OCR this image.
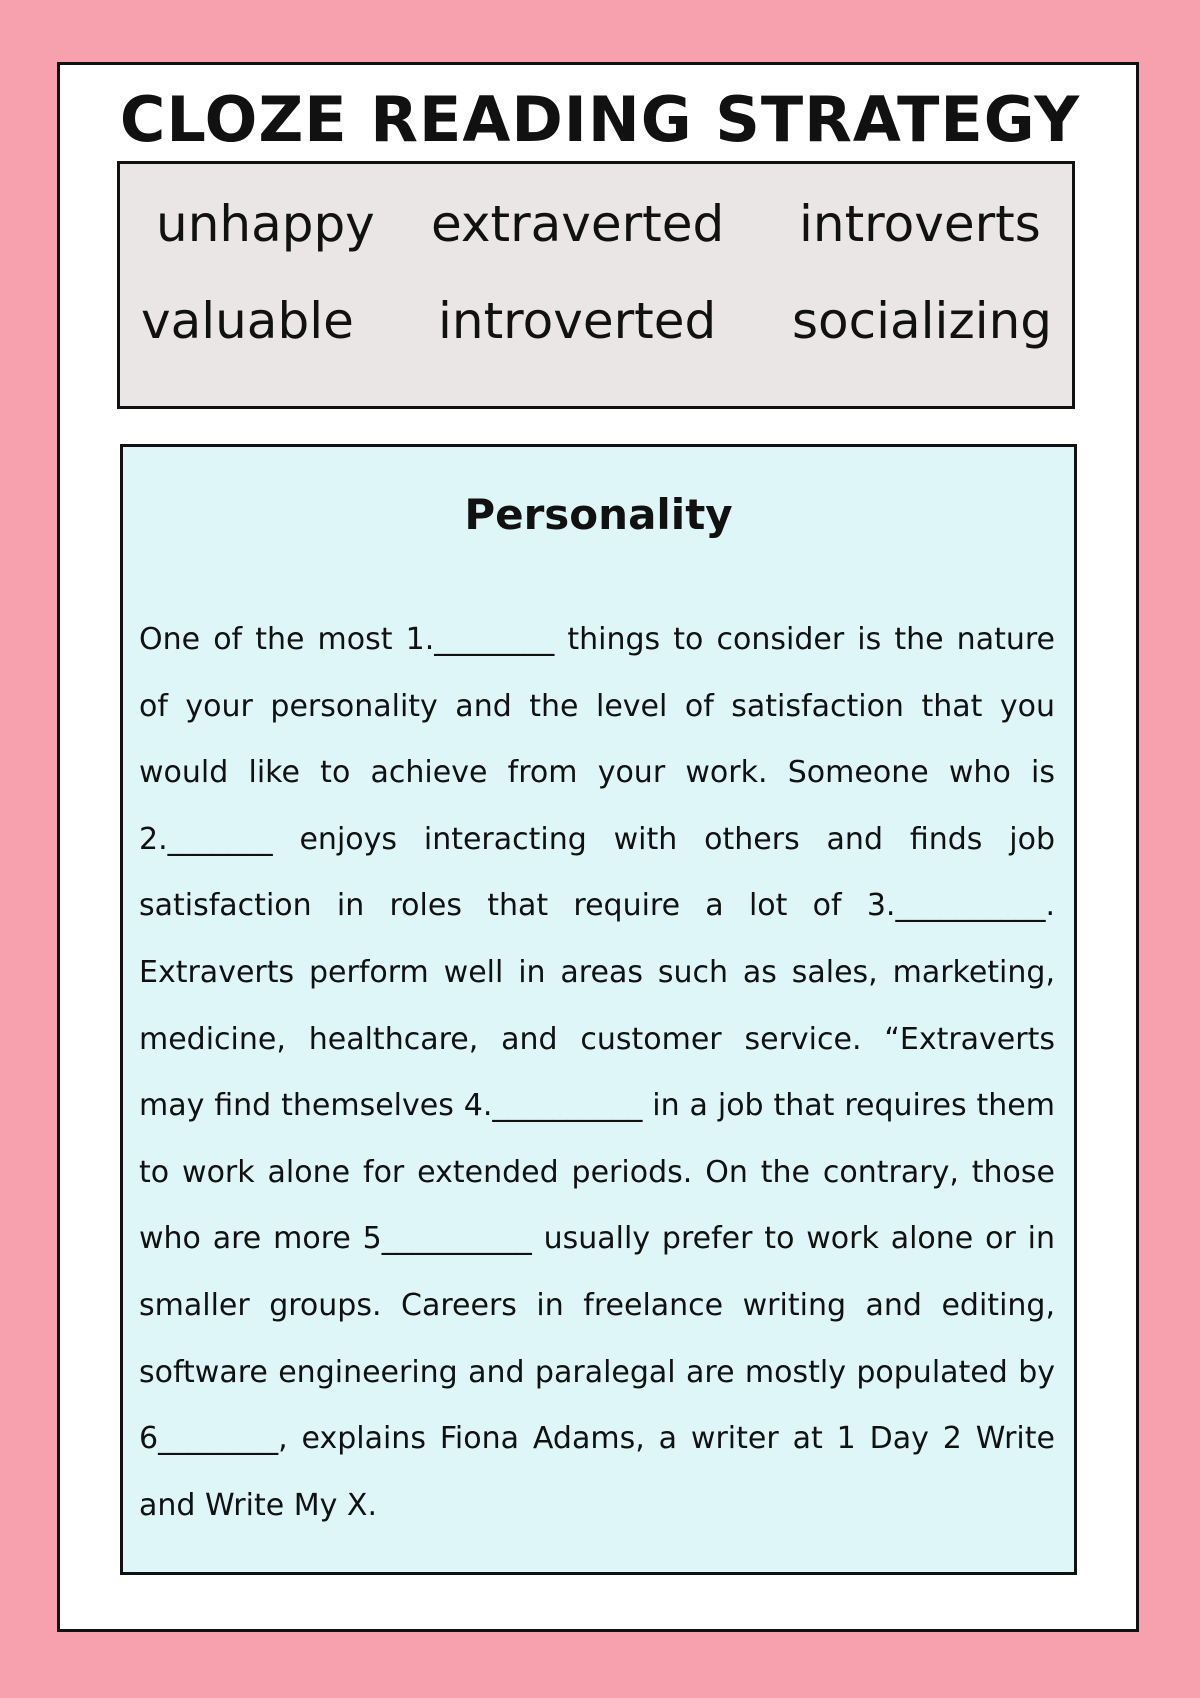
CLOZE READING STRATEGY
unhappy extraverted introverts
valuable introverted socializing
Personality

One of the most 1.________ things to consider is the nature of your personality and the level of satisfaction that you would like to achieve from your work. Someone who is 2._______ enjoys interacting with others and finds job satisfaction in roles that require a lot of 3.__________. Extraverts perform well in areas such as sales, marketing, medicine, healthcare, and customer service. “Extraverts may find themselves 4.__________ in a job that requires them to work alone for extended periods. On the contrary, those who are more 5__________ usually prefer to work alone or in smaller groups. Careers in freelance writing and editing, software engineering and paralegal are mostly populated by 6________, explains Fiona Adams, a writer at 1 Day 2 Write and Write My X.
